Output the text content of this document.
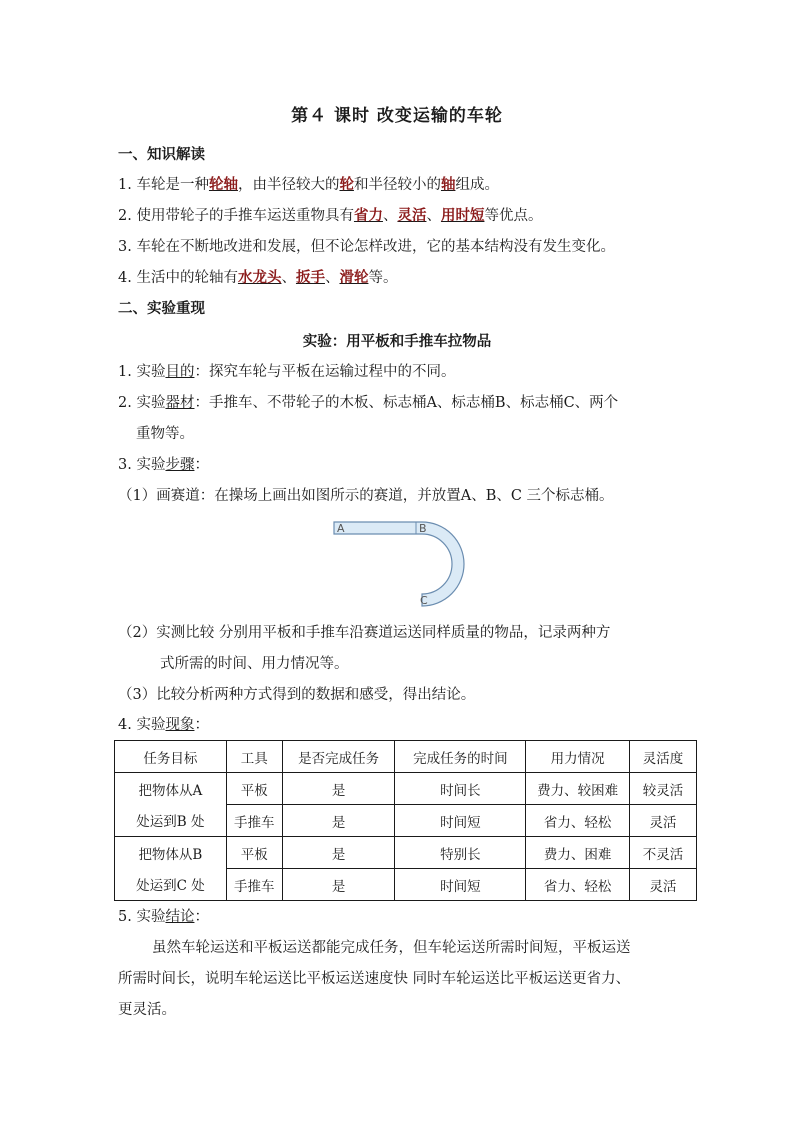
第４ 课时 改变运输的车轮
一、知识解读
1. 车轮是一种轮轴，由半径较大的轮和半径较小的轴组成。
2. 使用带轮子的手推车运送重物具有省力、灵活、用时短等优点。
3. 车轮在不断地改进和发展，但不论怎样改进，它的基本结构没有发生变化。
4. 生活中的轮轴有水龙头、扳手、滑轮等。
二、实验重现
实验：用平板和手推车拉物品
1. 实验目的：探究车轮与平板在运输过程中的不同。
2. 实验器材：手推车、不带轮子的木板、标志桶A、标志桶B、标志桶C、两个
重物等。
3. 实验步骤：
（1）画赛道：在操场上画出如图所示的赛道，并放置A、B、C 三个标志桶。
A	B
C
（2）实测比较 分别用平板和手推车沿赛道运送同样质量的物品，记录两种方
式所需的时间、用力情况等。
（3）比较分析两种方式得到的数据和感受，得出结论。
4. 实验现象：
任务目标	工具	是否完成任务	完成任务的时间	用力情况	灵活度
把物体从A	平板	是	时间长	费力、较困难	较灵活
处运到B 处	手推车	是	时间短	省力、轻松	灵活
把物体从B	平板	是	特别长	费力、困难	不灵活
处运到C 处	手推车	是	时间短	省力、轻松	灵活
5. 实验结论：
虽然车轮运送和平板运送都能完成任务，但车轮运送所需时间短，平板运送
所需时间长，说明车轮运送比平板运送速度快 同时车轮运送比平板运送更省力、
更灵活。
